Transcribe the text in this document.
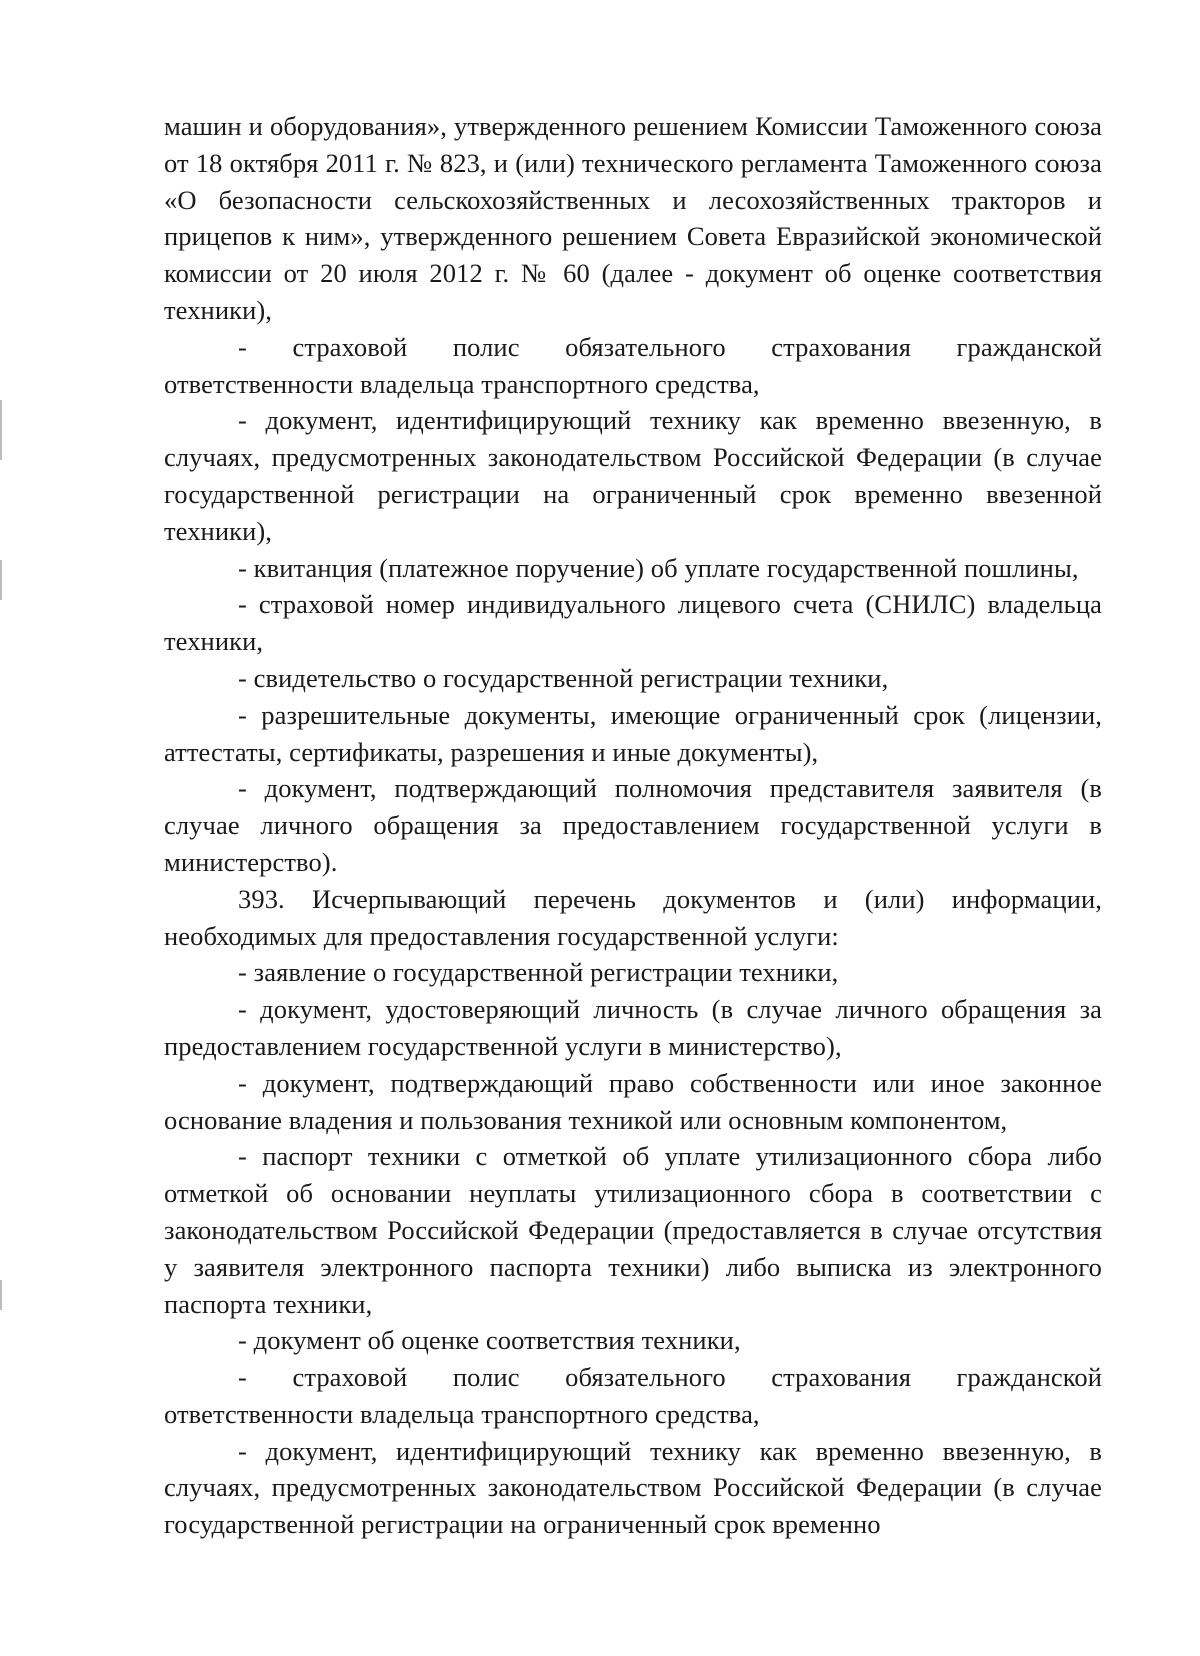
машин и оборудования», утвержденного решением Комиссии Таможенного союза от 18 октября 2011 г. № 823, и (или) технического регламента Таможенного союза «О безопасности сельскохозяйственных и лесохозяйственных тракторов и прицепов к ним», утвержденного решением Совета Евразийской экономической комиссии от 20 июля 2012 г. № 60 (далее - документ об оценке соответствия техники),

- страховой полис обязательного страхования гражданской ответственности владельца транспортного средства,

- документ, идентифицирующий технику как временно ввезенную, в случаях, предусмотренных законодательством Российской Федерации (в случае государственной регистрации на ограниченный срок временно ввезенной техники),

- квитанция (платежное поручение) об уплате государственной пошлины,

- страховой номер индивидуального лицевого счета (СНИЛС) владельца техники,

- свидетельство о государственной регистрации техники,

- разрешительные документы, имеющие ограниченный срок (лицензии, аттестаты, сертификаты, разрешения и иные документы),

- документ, подтверждающий полномочия представителя заявителя (в случае личного обращения за предоставлением государственной услуги в министерство).

393. Исчерпывающий перечень документов и (или) информации, необходимых для предоставления государственной услуги:

- заявление о государственной регистрации техники,

- документ, удостоверяющий личность (в случае личного обращения за предоставлением государственной услуги в министерство),

- документ, подтверждающий право собственности или иное законное основание владения и пользования техникой или основным компонентом,

- паспорт техники с отметкой об уплате утилизационного сбора либо отметкой об основании неуплаты утилизационного сбора в соответствии с законодательством Российской Федерации (предоставляется в случае отсутствия у заявителя электронного паспорта техники) либо выписка из электронного паспорта техники,

- документ об оценке соответствия техники,

- страховой полис обязательного страхования гражданской ответственности владельца транспортного средства,

- документ, идентифицирующий технику как временно ввезенную, в случаях, предусмотренных законодательством Российской Федерации (в случае государственной регистрации на ограниченный срок временно
